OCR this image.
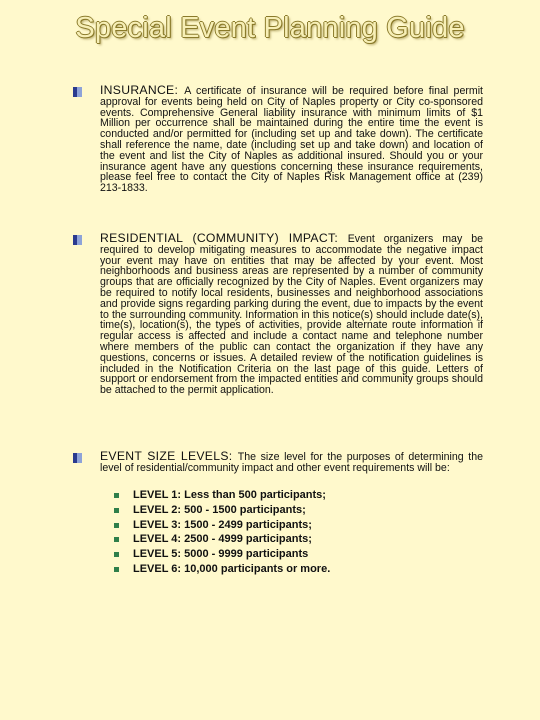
Special Event Planning Guide
INSURANCE: A certificate of insurance will be required before final permit approval for events being held on City of Naples property or City co-sponsored events. Comprehensive General liability insurance with minimum limits of $1 Million per occurrence shall be maintained during the entire time the event is conducted and/or permitted for (including set up and take down). The certificate shall reference the name, date (including set up and take down) and location of the event and list the City of Naples as additional insured. Should you or your insurance agent have any questions concerning these insurance requirements, please feel free to contact the City of Naples Risk Management office at (239) 213-1833.
RESIDENTIAL (COMMUNITY) IMPACT: Event organizers may be required to develop mitigating measures to accommodate the negative impact your event may have on entities that may be affected by your event. Most neighborhoods and business areas are represented by a number of community groups that are officially recognized by the City of Naples. Event organizers may be required to notify local residents, businesses and neighborhood associations and provide signs regarding parking during the event, due to impacts by the event to the surrounding community. Information in this notice(s) should include date(s), time(s), location(s), the types of activities, provide alternate route information if regular access is affected and include a contact name and telephone number where members of the public can contact the organization if they have any questions, concerns or issues. A detailed review of the notification guidelines is included in the Notification Criteria on the last page of this guide. Letters of support or endorsement from the impacted entities and community groups should be attached to the permit application.
EVENT SIZE LEVELS: The size level for the purposes of determining the level of residential/community impact and other event requirements will be:
LEVEL 1: Less than 500 participants;
LEVEL 2: 500 - 1500 participants;
LEVEL 3: 1500 - 2499 participants;
LEVEL 4: 2500 - 4999 participants;
LEVEL 5: 5000 - 9999 participants
LEVEL 6: 10,000 participants or more.
